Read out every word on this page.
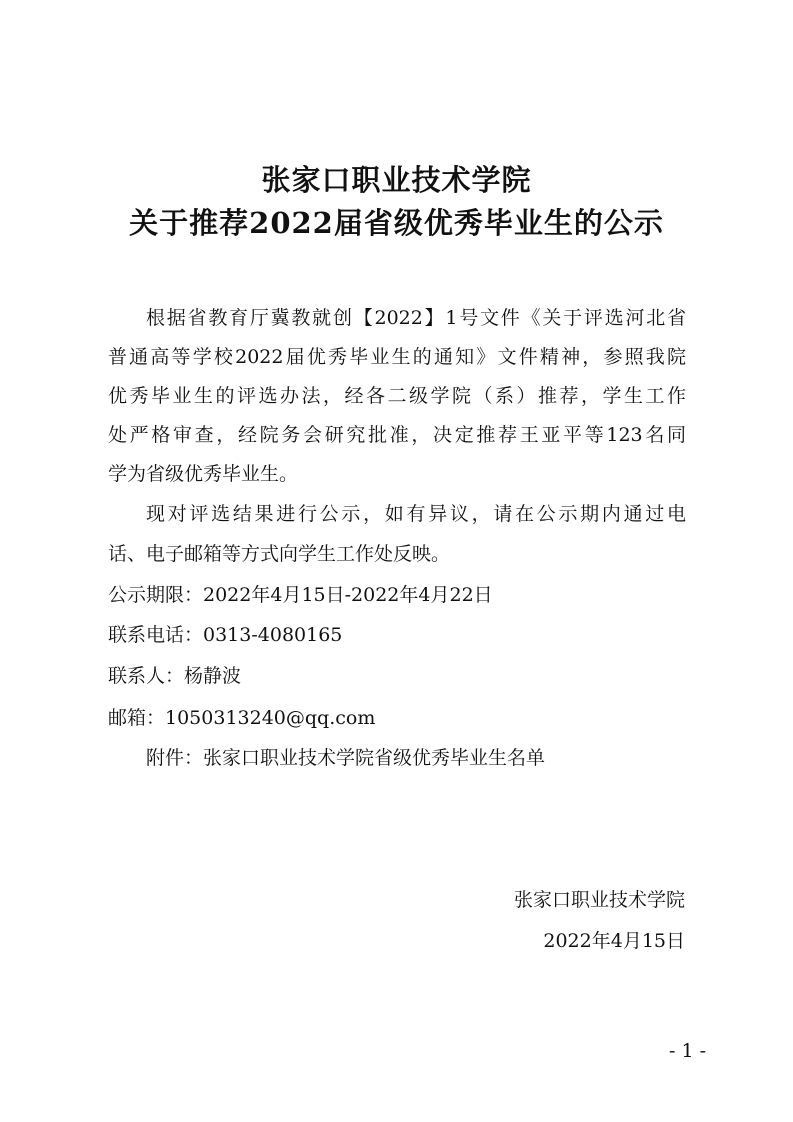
张家口职业技术学院
关于推荐2022届省级优秀毕业生的公示
根据省教育厅冀教就创【2022】1号文件《关于评选河北省
普通高等学校2022届优秀毕业生的通知》文件精神，参照我院
优秀毕业生的评选办法，经各二级学院（系）推荐，学生工作
处严格审查，经院务会研究批准，决定推荐王亚平等123名同
学为省级优秀毕业生。
现对评选结果进行公示，如有异议，请在公示期内通过电
话、电子邮箱等方式向学生工作处反映。
公示期限：2022年4月15日-2022年4月22日
联系电话：0313-4080165
联系人：杨静波
邮箱：1050313240@qq.com
附件：张家口职业技术学院省级优秀毕业生名单
张家口职业技术学院
2022年4月15日
- 1 -
